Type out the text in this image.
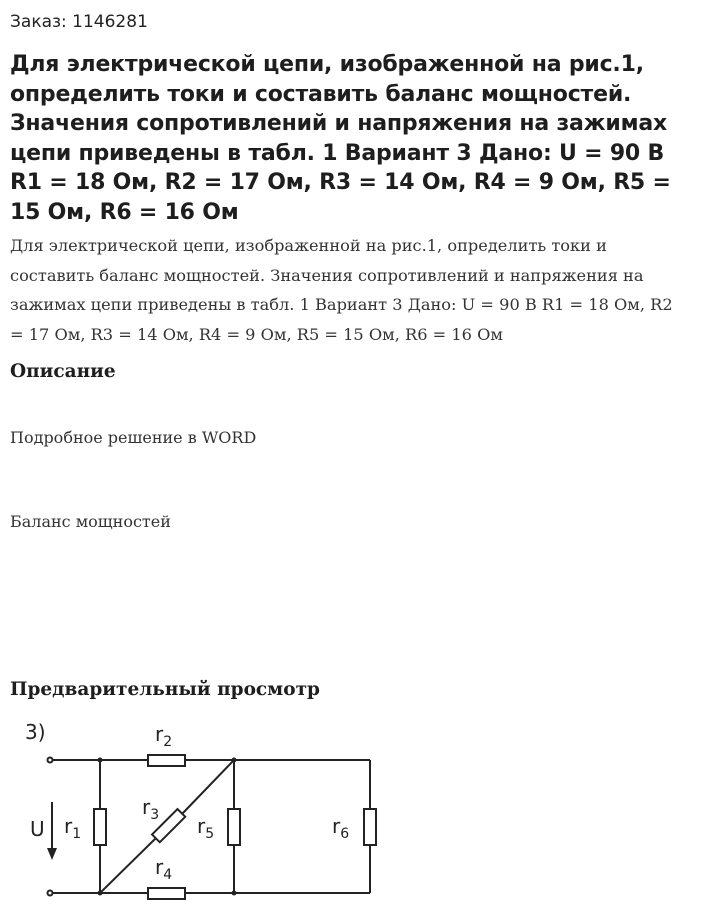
Заказ: 1146281
Для электрической цепи, изображенной на рис.1, определить токи и составить баланс мощностей. Значения сопротивлений и напряжения на зажимах цепи приведены в табл. 1 Вариант 3 Дано: U = 90 В R1 = 18 Ом, R2 = 17 Ом, R3 = 14 Ом, R4 = 9 Ом, R5 = 15 Ом, R6 = 16 Ом

Для электрической цепи, изображенной на рис.1, определить токи и составить баланс мощностей. Значения сопротивлений и напряжения на зажимах цепи приведены в табл. 1 Вариант 3 Дано: U = 90 В R1 = 18 Ом, R2 = 17 Ом, R3 = 14 Ом, R4 = 9 Ом, R5 = 15 Ом, R6 = 16 Ом

Описание

Подробное решение в WORD

Баланс мощностей

Предварительный просмотр
3)
U $r_1$
$r_2$
$r_3$
$r_4$
$r_5$	$r_6$
